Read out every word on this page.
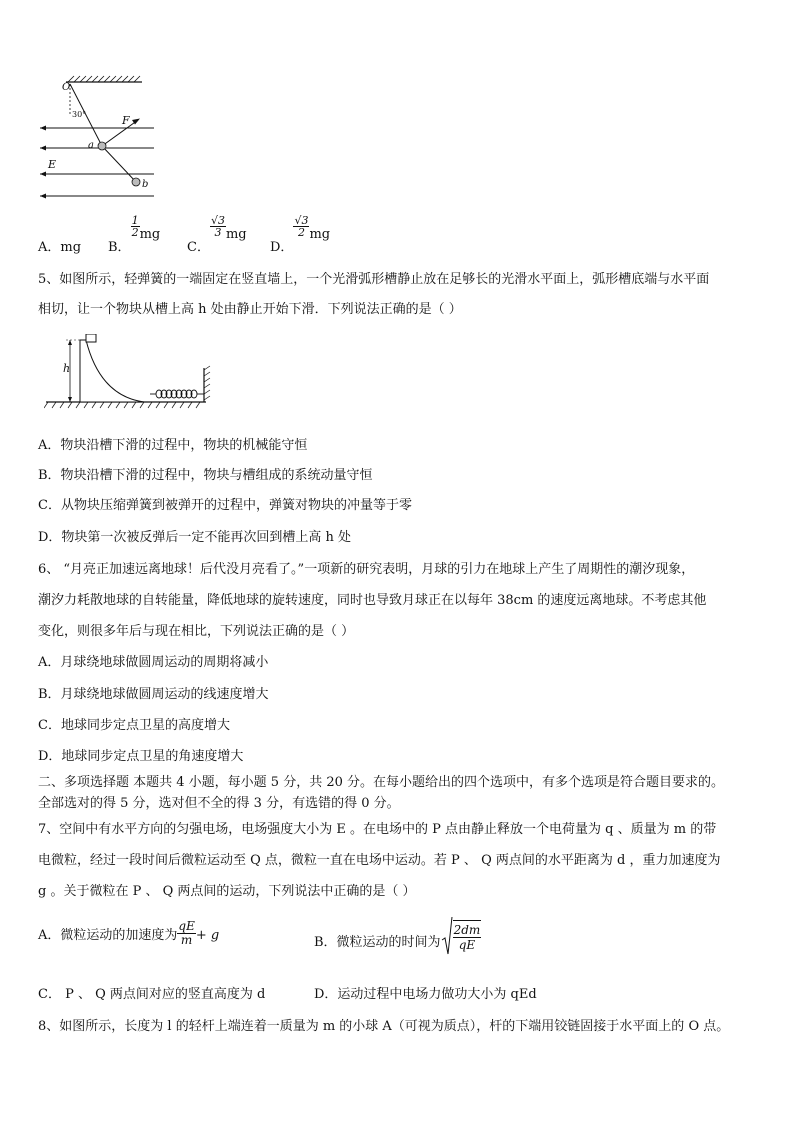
O
30°	F
a
E
b
A．mg B．
$\frac{1}{2}$ mg
C．
$\frac{√3}{3}$ mg
D．
$\frac{√3}{2}$ mg
5、如图所示，轻弹簧的一端固定在竖直墙上，一个光滑弧形槽静止放在足够长的光滑水平面上，弧形槽底端与水平面
相切，让一个物块从槽上高 h 处由静止开始下滑．下列说法正确的是（ ）
h
A．物块沿槽下滑的过程中，物块的机械能守恒
B．物块沿槽下滑的过程中，物块与槽组成的系统动量守恒
C．从物块压缩弹簧到被弹开的过程中，弹簧对物块的冲量等于零
D．物块第一次被反弹后一定不能再次回到槽上高 h 处
6、 “月亮正加速远离地球！后代没月亮看了。”一项新的研究表明，月球的引力在地球上产生了周期性的潮汐现象，
潮汐力耗散地球的自转能量，降低地球的旋转速度，同时也导致月球正在以每年 38cm 的速度远离地球。不考虑其他
变化，则很多年后与现在相比，下列说法正确的是（ ）
A．月球绕地球做圆周运动的周期将减小
B．月球绕地球做圆周运动的线速度增大
C．地球同步定点卫星的高度增大
D．地球同步定点卫星的角速度增大
二、多项选择题 本题共 4 小题，每小题 5 分，共 20 分。在每小题给出的四个选项中，有多个选项是符合题目要求的。
全部选对的得 5 分，选对但不全的得 3 分，有选错的得 0 分。
7、空间中有水平方向的匀强电场，电场强度大小为 E 。在电场中的 P 点由静止释放一个电荷量为 q 、质量为 m 的带
电微粒，经过一段时间后微粒运动至 Q 点，微粒一直在电场中运动。若 P 、 Q 两点间的水平距离为 d ，重力加速度为
g 。关于微粒在 P 、 Q 两点间的运动，下列说法中正确的是（ ）
A．微粒运动的加速度为 $\frac{qE}{m} + g$	B．微粒运动的时间为 $\frac{2dm}{qE}$
C． P 、 Q 两点间对应的竖直高度为 d	D．运动过程中电场力做功大小为 qEd
8、如图所示，长度为 l 的轻杆上端连着一质量为 m 的小球 A（可视为质点），杆的下端用铰链固接于水平面上的 O 点。
